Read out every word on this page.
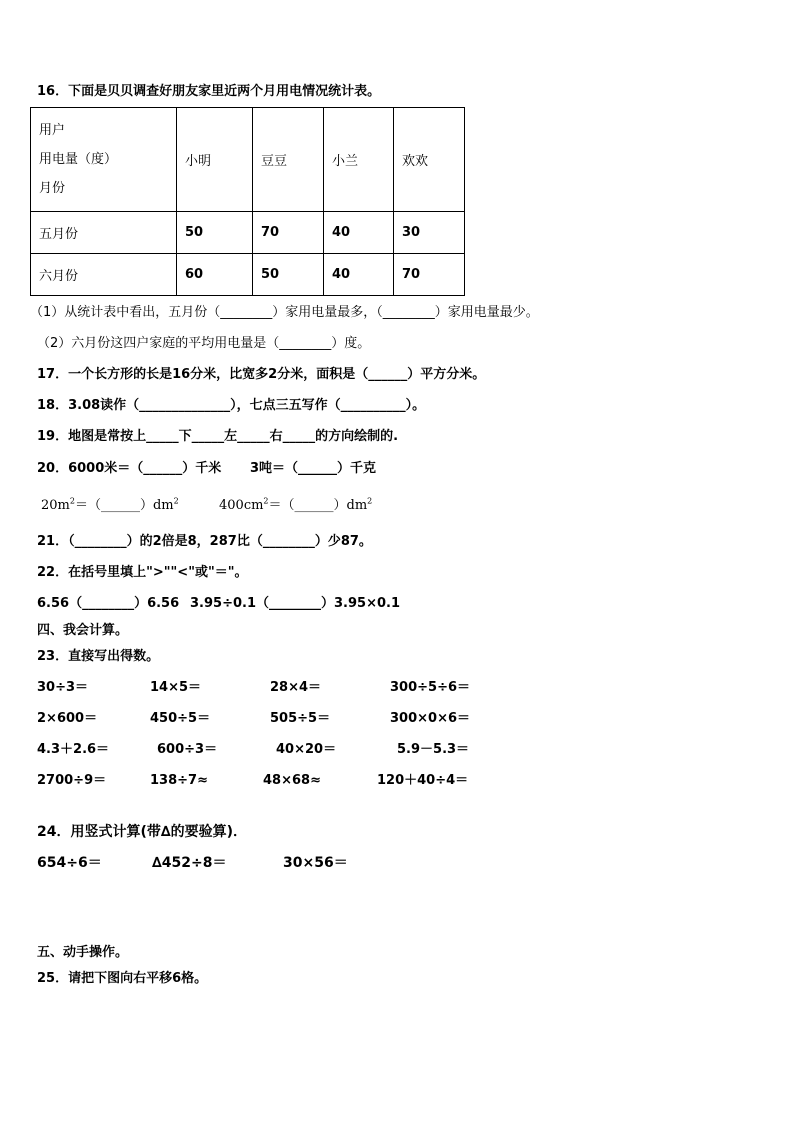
16．下面是贝贝调查好朋友家里近两个月用电情况统计表。
用户
用电量（度）
月份	小明	豆豆	小兰	欢欢
五月份	50	70	40	30
六月份	60	50	40	70
（1）从统计表中看出，五月份（________）家用电量最多，（________）家用电量最少。
（2）六月份这四户家庭的平均用电量是（________）度。
17．一个长方形的长是16分米，比宽多2分米，面积是（______）平方分米。
18．3.08读作（______________），七点三五写作（__________）。
19．地图是常按上_____下_____左_____右_____的方向绘制的.
20．6000米＝（______）千米 3吨＝（______）千克
$20m^2=(\_\_\_\_\_\_)dm^2$	$400cm^2=(\_\_\_\_\_\_)dm^2$
21．（________）的2倍是8，287比（________）少87。
22．在括号里填上">""<"或"＝"。
6.56（________）6.56 3.95÷0.1（________）3.95×0.1
四、我会计算。
23．直接写出得数。
30÷3＝	14×5＝	28×4＝	300÷5÷6＝
2×600＝	450÷5＝	505÷5＝	300×0×6＝
4.3＋2.6＝	600÷3＝	40×20＝	5.9－5.3＝
2700÷9＝	138÷7≈	48×68≈	120＋40÷4＝
24．用竖式计算(带∆的要验算)．
654÷6＝	∆452÷8＝	30×56＝
五、动手操作。
25．请把下图向右平移6格。
